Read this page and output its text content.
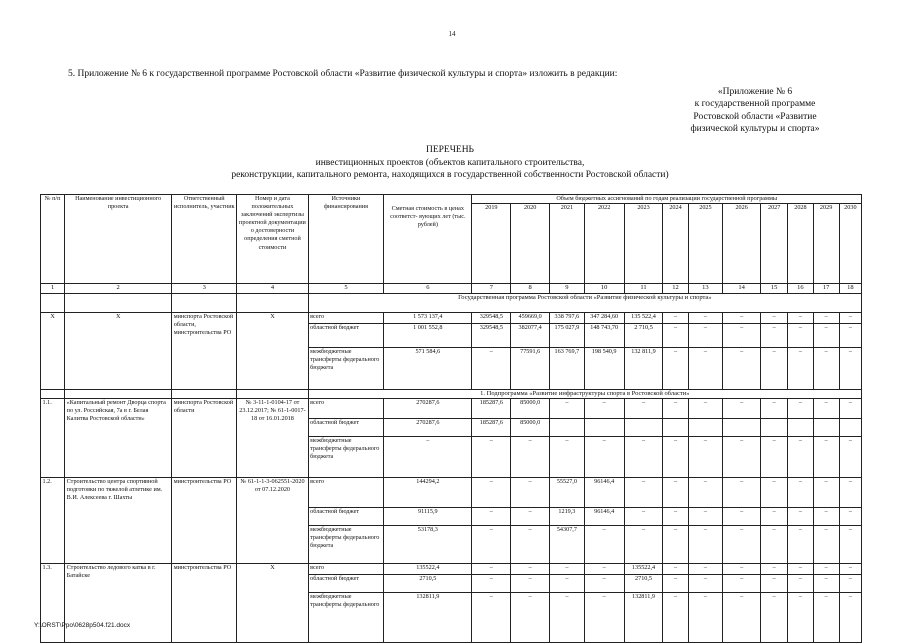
14
5. Приложение № 6 к государственной программе Ростовской области «Развитие физической культуры и спорта» изложить в редакции:
«Приложение № 6
к государственной программе
Ростовской области «Развитие
физической культуры и спорта»
ПЕРЕЧЕНЬ
инвестиционных проектов (объектов капитального строительства,
реконструкции, капитального ремонта, находящихся в государственной собственности Ростовской области)
№ п/п	Наименование инвестиционного проекта	Ответственный исполнитель, участник	Номер и дата положительных заключений экспертизы проектной документации о достоверности определения сметной стоимости	Источники финансирования	Сметная стоимость в ценах соответст- вующих лет (тыс. рублей)	Объем бюджетных ассигнований по годам реализации государственной программы											
						2019	2020	2021	2022	2023	2024	2025	2026	2027	2028	2029	2030
1	2	3	4	5	6	7	8	9	10	11	12	13	14	15	16	17	18
				Государственная программа Ростовской области «Развитие физической культуры и спорта»													
X	X	минспорта Ростовской области, минстроительства РО	X	всего	1 573 137,4	329548,5	459669,0	338 797,6	347 284,60	135 522,4	–	–	–	–	–	–	–
				областной бюджет	1 001 552,8	329548,5	382077,4	175 027,9	148 743,70	2 710,5	–	–	–	–	–	–	–
				межбюджетные трансферты федерального бюджета	571 584,6	–	77591,6	163 769,7	198 540,9	132 811,9	–	–	–	–	–	–	–
				1. Подпрограмма «Развитие инфраструктуры спорта в Ростовской области»													
1.1.	«Капитальный ремонт Дворца спорта по ул. Российская, 7а в г. Белая Калитва Ростовской области»	минспорта Ростовской области	№ 3-11-1-0104-17 от 23.12.2017; № 61-1-0017-18 от 16.01.2018	всего	270287,6	185287,6	85000,0	–	–	–	–	–	–	–	–	–	–
				областной бюджет	270287,6	185287,6	85000,0										
				межбюджетные трансферты федерального бюджета	–	–	–	–	–	–	–	–	–	–	–	–	–
1.2.	Строительство центра спортивной подготовки по тяжелой атлетике им. В.И. Алексеева г. Шахты	минстроительства РО	№ 61-1-1-3-062551-2020 от 07.12.2020	всего	144294,2	–	–	55527,0	96146,4	–	–	–	–	–	–	–	–
				областной бюджет	91115,9	–	–	1219,3	96146,4	–	–	–	–	–	–	–	–
				межбюджетные трансферты федерального бюджета	53178,3	–	–	54307,7	–	–	–	–	–	–	–	–	–
1.3.	Строительство ледового катка в г. Батайске	минстроительства РО	X	всего	135522,4	–	–	–	–	135522,4	–	–	–	–	–	–	–
				областной бюджет	2710,5	–	–	–	–	2710,5	–	–	–	–	–	–	–
				межбюджетные трансферты федерального	132811,9	–	–	–	–	132811,9	–	–	–	–	–	–	–
Y:\ORST\Ppo\0628p504.f21.docx
